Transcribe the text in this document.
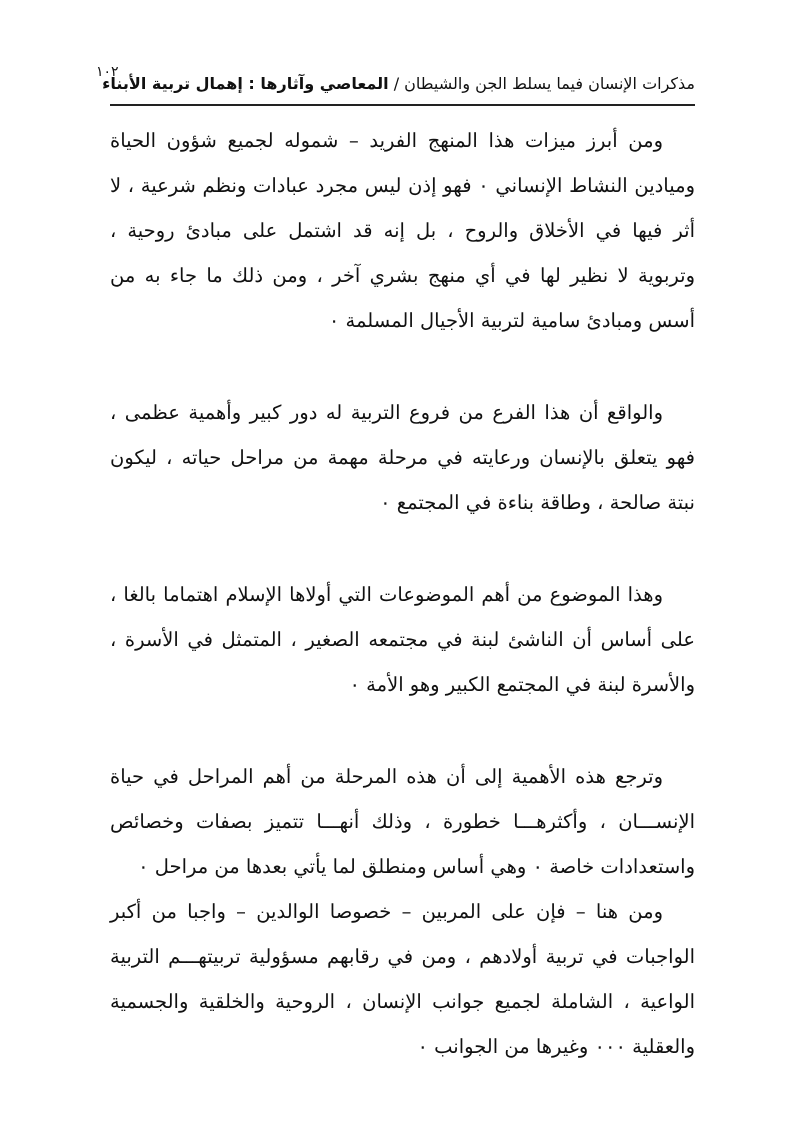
١٠٢
مذكرات الإنسان فيما يسلط الجن والشيطان / المعاصي وآثارها : إهمال تربية الأبناء

ومن أبرز ميزات هذا المنهج الفريد – شموله لجميع شؤون الحياة وميادين النشاط الإنساني ٠ فهو إذن ليس مجرد عبادات ونظم شرعية ، لا أثر فيها في الأخلاق والروح ، بل إنه قد اشتمل على مبادئ روحية ، وتربوية لا نظير لها في أي منهج بشري آخر ، ومن ذلك ما جاء به من أسس ومبادئ سامية لتربية الأجيال المسلمة ٠

والواقع أن هذا الفرع من فروع التربية له دور كبير وأهمية عظمى ، فهو يتعلق بالإنسان ورعايته في مرحلة مهمة من مراحل حياته ، ليكون نبتة صالحة ، وطاقة بناءة في المجتمع ٠

وهذا الموضوع من أهم الموضوعات التي أولاها الإسلام اهتماما بالغا ، على أساس أن الناشئ لبنة في مجتمعه الصغير ، المتمثل في الأسرة ، والأسرة لبنة في المجتمع الكبير وهو الأمة ٠

وترجع هذه الأهمية إلى أن هذه المرحلة من أهم المراحل في حياة الإنســـان ، وأكثرهـــا خطورة ، وذلك أنهـــا تتميز بصفات وخصائص واستعدادات خاصة ٠ وهي أساس ومنطلق لما يأتي بعدها من مراحل ٠

ومن هنا – فإن على المربين – خصوصا الوالدين – واجبا من أكبر الواجبات في تربية أولادهم ، ومن في رقابهم مسؤولية تربيتهـــم التربية الواعية ، الشاملة لجميع جوانب الإنسان ، الروحية والخلقية والجسمية والعقلية ٠٠٠ وغيرها من الجوانب ٠
